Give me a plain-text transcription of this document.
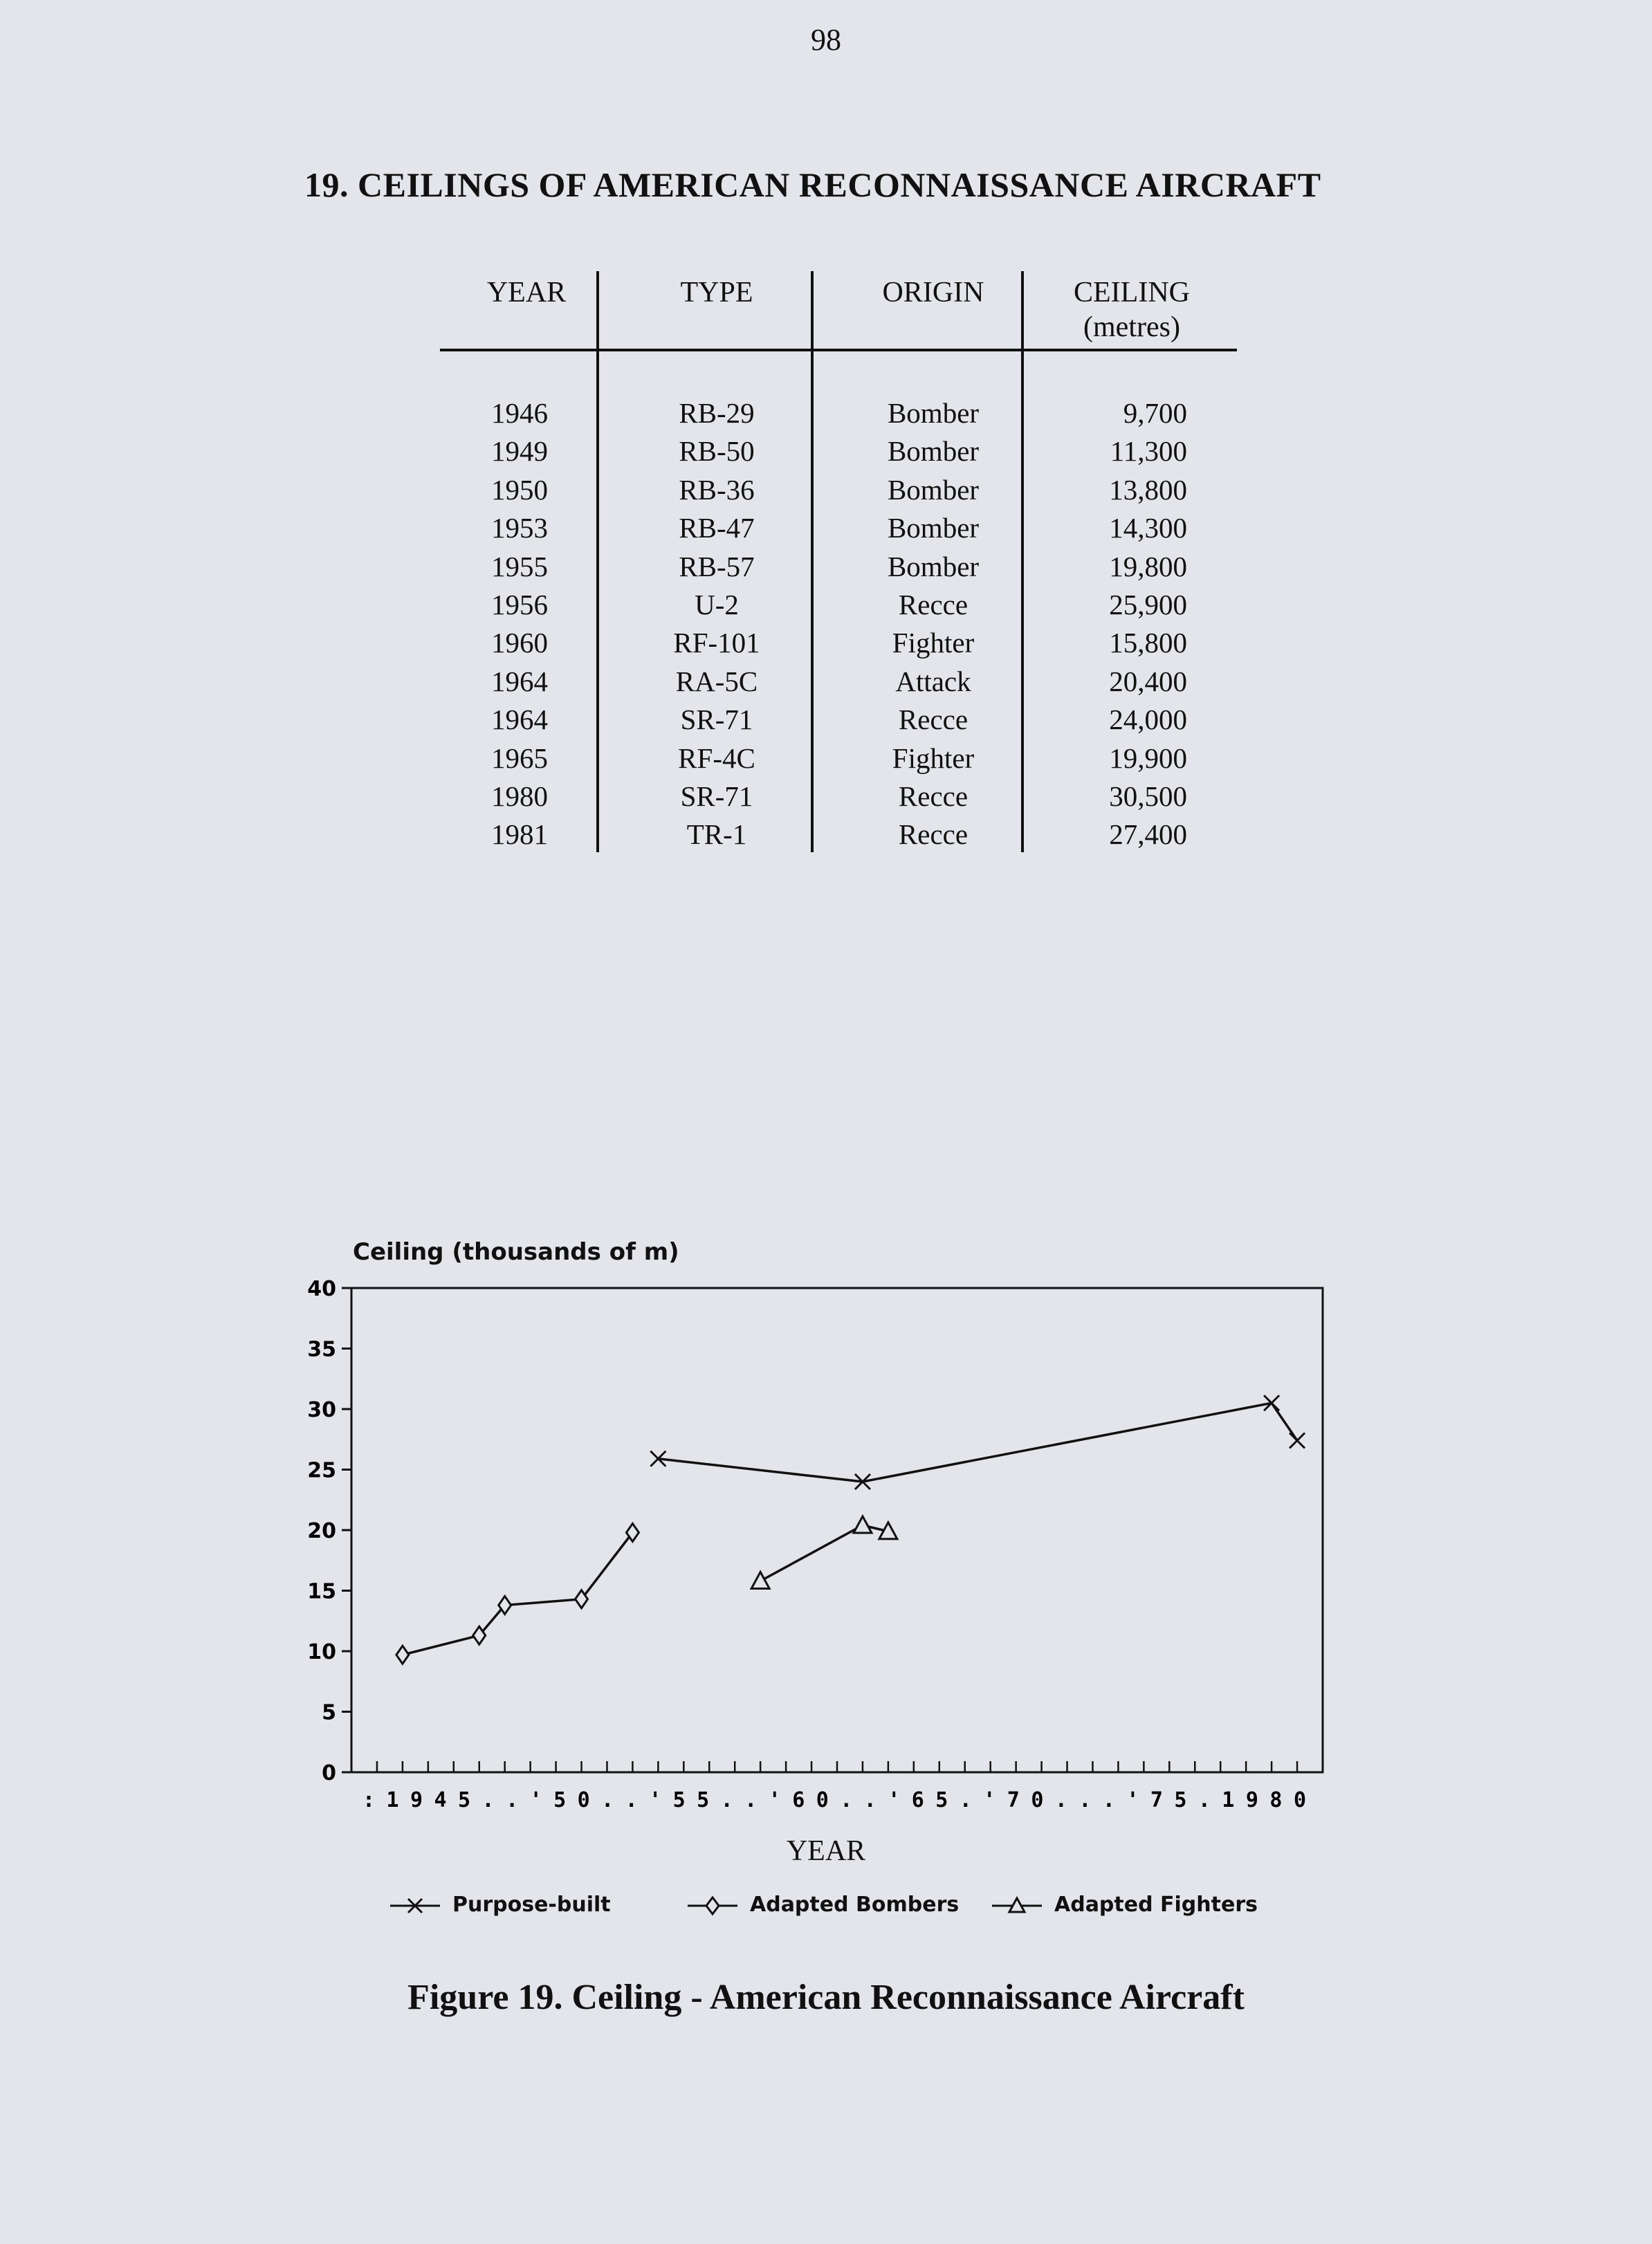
98
19. CEILINGS OF AMERICAN RECONNAISSANCE AIRCRAFT
YEAR	TYPE	ORIGIN	CEILING
(metres)
1946	RB-29	Bomber	9,700
1949	RB-50	Bomber	11,300
1950	RB-36	Bomber	13,800
1953	RB-47	Bomber	14,300
1955	RB-57	Bomber	19,800
1956	U-2	Recce	25,900
1960	RF-101	Fighter	15,800
1964	RA-5C	Attack	20,400
1964	SR-71	Recce	24,000
1965	RF-4C	Fighter	19,900
1980	SR-71	Recce	30,500
1981	TR-1	Recce	27,400
Ceiling (thousands of m)
0
5
10
15
20
25
30
35
40
: 1 9 4 5 . . ' 5 0 . . ' 5 5 . . ' 6 0 . . ' 6 5 . ' 7 0 . . . ' 7 5 . 1 9 8 0
YEAR
Purpose-built	Adapted Bombers	Adapted Fighters
Figure 19. Ceiling - American Reconnaissance Aircraft
